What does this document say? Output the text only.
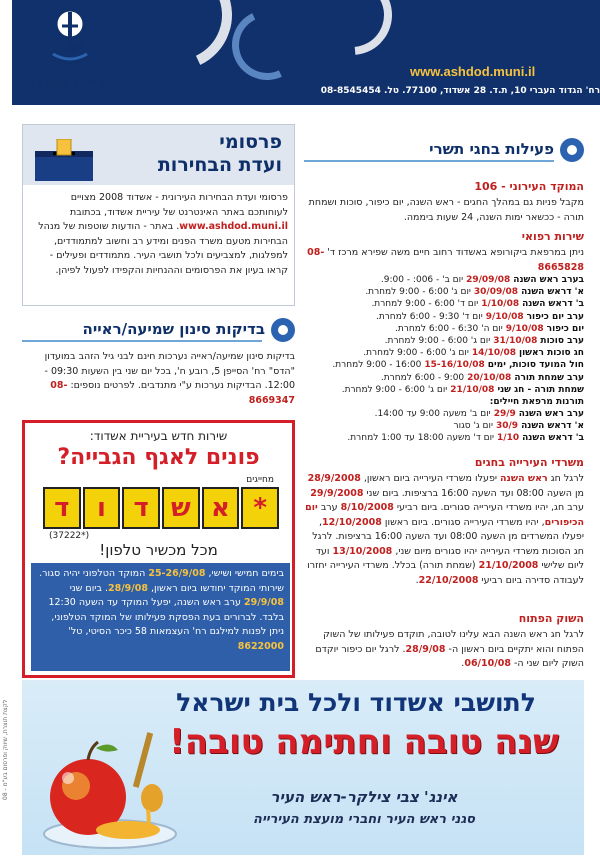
www.ashdod.muni.il
רח' הגדוד העברי 10, ת.ד. 28 אשדוד, 77100. טל. 08-8545454
אשדוד
עיריית אשדוד
פרסומי
ועדת הבחירות
פרסומי ועדת הבחירות העירונית - אשדוד 2008 מצויים לעוחותכם באתר האינטרנט של עיריית אשדוד, בכתובת www.ashdod.muni.il. באתר - הודעות שוטפות של מנהל הבחירות מטעם משרד הפנים ומידע רב וחשוב למתמודדים, למפלגות, למצביעים ולכל תושבי העיר. מתמודדים ופעילים - קראו בעיון את הפרסומים וההנחיות והקפידו לפעול לפיהן.
בדיקות סינון שמיעה/ראייה
בדיקות סינון שמיעה/ראייה נערכות חינם לבני גיל הזהב במועדון "הדס" רח' הסייפן 5, רובע ח', בכל יום שני בין השעות 09:30 - 12:00. הבדיקות נערכות ע"י מתנדבים. לפרטים נוספים: 08-8669347
שירות חדש בעיריית אשדוד:
פונים לאגף הגבייה?
מחייגים
*
א
ש
ד
ו
ד
(37222*)
מכל מכשיר טלפון!
בימים חמישי ושישי, 25-26/9/08 המוקד הטלפוני יהיה סגור. שירותי המוקד יחודשו ביום ראשון, 28/9/08. ביום שני 29/9/08 ערב ראש השנה, יפעל המוקד עד השעה 12:30 בלבד. לברורים בעת הפסקת פעילותו של המוקד הטלפוני, ניתן לפנות למילגם רח' העצמאות 58 כיכר הסיטי, טל' 8622000
פעילות בחגי תשרי
המוקד העירוני - 106
מקבל פניות גם במהלך החגים - ראש השנה, יום כיפור, סוכות ושמחת תורה - ככשאר ימות השנה, 24 שעות ביממה.
שירות רפואי
ניתן במרפאת ביקורופא באשדוד רחוב חיים משה שפירא מרכז ד' 08-8665828
בערב ראש השנה
29/09/08
יום ב' - 006: - 9:00.
א' דראש השנה
30/09/08
יום ג' 6:00 - 9:00 למחרת.
ב' דראש השנה
1/10/08
יום ד' 6:00 - 9:00 למחרת.
ערב יום כיפור
9/10/08
יום ד' 9:30 - 6:00 למחרת.
יום כיפור
9/10/08
יום ה' 6:30 - 6:00 למחרת.
ערב סוכות
31/10/08
יום ג' 6:00 - 9:00 למחרת.
חג סוכות ראשון
14/10/08
יום ג' 6:00 - 9:00 למחרת.
חול המועד סוכות, ימים
15-16/10/08
16:00 - 9:00 למחרת.
ערב שמחת תורה
20/10/08
9:00 - 6:00 למחרת.
שמחת תורה - חג שני
21/10/08
יום ג' 6:00 - 9:00 למחרת.
תורנות מרפאת חיילים:
ערב ראש השנה
29/9
יום ב' משעה 9:00 עד 14:00.
א' דראש השנה
30/9
יום ג' סגור
ב' דראש השנה
1/10
יום ד' משעה 18:00 עד 1:00 למחרת.
משרדי העירייה בחגים
לרגל חג ראש השנה יפעלו משרדי העירייה ביום ראשון, 28/9/2008 מן השעה 08:00 ועד השעה 16:00 ברציפות. ביום שני 29/9/2008 ערב חג, יהיו משרדי העירייה סגורים. ביום רביעי 8/10/2008 ערב יום הכיפורים, יהיו משרדי העירייה סגורים. ביום ראשון 12/10/2008, יפעלו המשרדים מן השעה 08:00 ועד השעה 16:00 ברציפות. לרגל חג הסוכות משרדי העירייה יהיו סגורים מיום שני, 13/10/2008 ועד ליום שלישי 21/10/2008 (שמחת תורה) בכלל. משרדי העירייה יחזרו לעבודה סדירה ביום רביעי 22/10/2008.
השוק הפתוח
לרגל חג ראש השנה הבא עלינו לטובה, תוקדם פעילותו של השוק הפתוח והוא יתקיים ביום ראשון ה- 28/9/08. לרגל יום כיפור יוקדם השוק ליום שני ה- 06/10/08.
לקצת תוצרת, שיווק ופרסום בע"מ - 08	לתושבי אשדוד ולכל בית ישראל
שנה טובה וחתימה טובה!
אינג' צבי צילקר-ראש העיר
סגני ראש העיר וחברי מועצת העירייה
